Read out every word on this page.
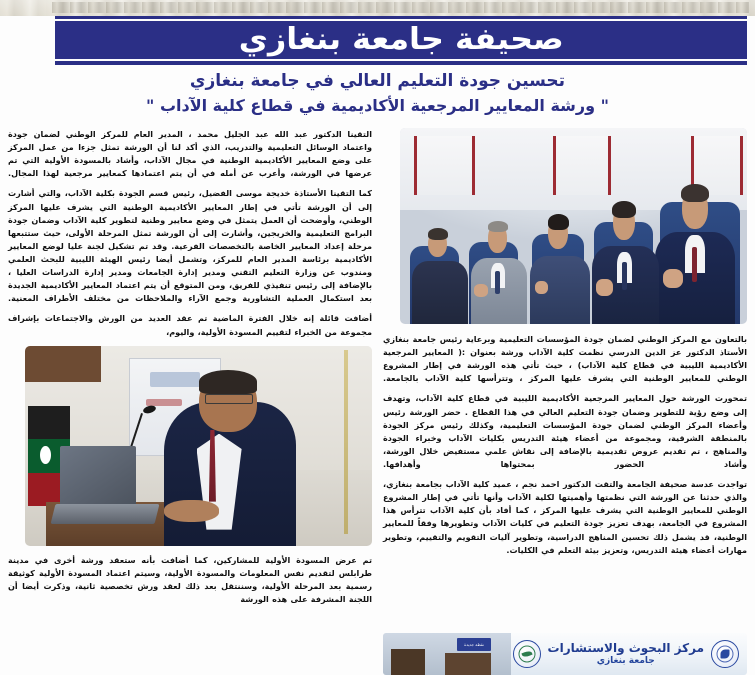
صحيفة جامعة بنغازي
تحسين جودة التعليم العالي في جامعة بنغازي
" ورشة المعايير المرجعية الأكاديمية في قطاع كلية الآداب "

بالتعاون مع المركز الوطني لضمان جودة المؤسسات التعليمية وبرعاية رئيس جامعة بنغازي الأستاذ الدكتور عز الدين الدرسي نظمت كلية الآداب ورشة بعنوان :( المعايير المرجعية الأكاديمية الليبية في قطاع كلية الآداب) ، حيث تأتي هذه الورشة في إطار المشروع الوطني للمعايير الوطنية التي يشرف عليها المركز ، وتترأسها كلية الآداب بالجامعة.

تمحورت الورشة حول المعايير المرجعية الأكاديمية الليبية في قطاع كلية الآداب، وتهدف إلى وضع رؤية للتطوير وضمان جودة التعليم العالي في هذا القطاع . حضر الورشة رئيس وأعضاء المركز الوطني لضمان جودة المؤسسات التعليمية، وكذلك رئيس مركز الجودة بالمنطقة الشرقية، ومجموعة من أعضاء هيئة التدريس بكليات الآداب وخبراء الجودة والمناهج ، تم تقديم عروض تقديمية بالإضافة إلى نقاش علمي مستفيض خلال الورشة، وأشاد الحضور بمحتواها وأهدافها.

تواجدت عدسة صحيفة الجامعة والتقت الدكتور احمد نجم ، عميد كلية الآداب بجامعة بنغازي، والذي حدثنا عن الورشة التي نظمتها وأهميتها لكلية الآداب وأنها تأتي في إطار المشروع الوطني للمعايير الوطنية التي يشرف عليها المركز ، كما أفاد بأن كلية الآداب تترأس هذا المشروع في الجامعة، بهدف تعزيز جودة التعليم في كليات الآداب وتطويرها وفقاً للمعايير الوطنية، قد يشمل ذلك تحسين المناهج الدراسية، وتطوير آليات التقويم والتقييم، وتطوير مهارات أعضاء هيئة التدريس، وتعزيز بيئة التعلم في الكليات.

التقينا الدكتور عبد الله عبد الجليل محمد ، المدير العام للمركز الوطني لضمان جودة واعتماد الوسائل التعليمية والتدريب، الذي أكد لنا أن الورشة تمثل جزءا من عمل المركز على وضع المعايير الأكاديمية الوطنية في مجال الآداب، وأشاد بالمسودة الأولية التي تم عرضها في الورشة، وأعرب عن أمله في أن يتم اعتمادها كمعايير مرجعية لهذا المجال.

كما التقينا الأستاذة خديجة موسى الفضيل، رئيس قسم الجودة بكلية الآداب، والتي أشارت إلى أن الورشة تأتي في إطار المعايير الأكاديمية الوطنية التي يشرف عليها المركز الوطني، وأوضحت أن العمل يتمثل في وضع معايير وطنية لتطوير كلية الآداب وضمان جودة البرامج التعليمية والخريجين، وأشارت إلى أن الورشة تمثل المرحلة الأولى، حيث ستتبعها مرحلة إعداد المعايير الخاصة بالتخصصات الفرعية. وقد تم تشكيل لجنة عليا لوضع المعايير الأكاديمية برئاسة المدير العام للمركز، وتشمل أيضا رئيس الهيئة الليبية للبحث العلمي ومندوب عن وزارة التعليم التقني ومدير إدارة الجامعات ومدير إدارة الدراسات العليا ، بالإضافة إلى رئيس تنفيذي للفريق، ومن المتوقع أن يتم اعتماد المعايير الأكاديمية الجديدة بعد استكمال العملية التشاورية وجمع الآراء والملاحظات من مختلف الأطراف المعنية.

أضافت قائلة إنه خلال الفترة الماضية تم عقد العديد من الورش والاجتماعات بإشراف مجموعة من الخبراء لتقييم المسودة الأولية، واليوم،

تم عرض المسودة الأولية للمشاركين، كما أضافت بأنه ستعقد ورشة أخرى في مدينة طرابلس لتقديم نفس المعلومات والمسودة الأولية، وسيتم اعتماد المسودة الأولية كوثيقة رسمية بعد المرحلة الأولية، وسننتقل بعد ذلك لعقد ورش تخصصية ثانية، وذكرت أيضا أن اللجنة المشرفة على هذه الورشة

نقطة جديدة	مركز البحوث والاستشارات
جامعة بنغازي
